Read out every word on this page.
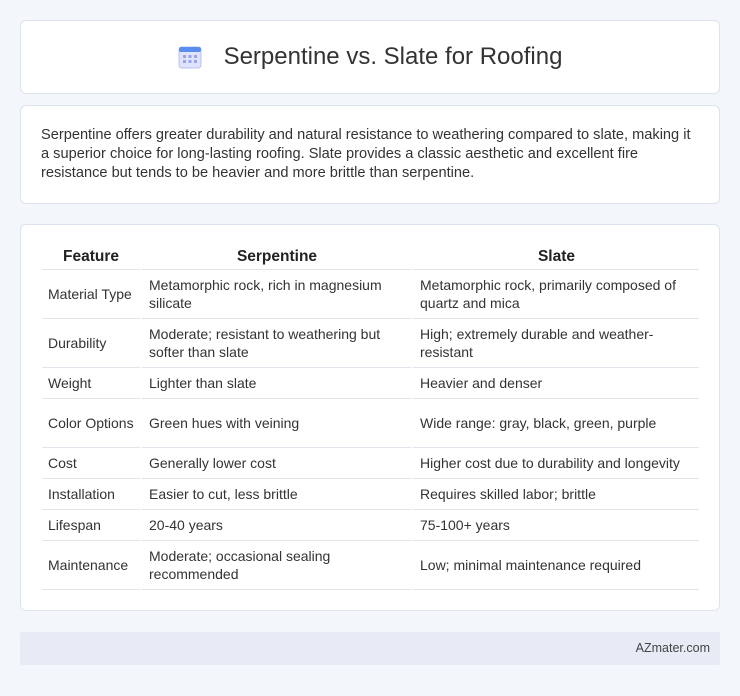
Serpentine vs. Slate for Roofing

Serpentine offers greater durability and natural resistance to weathering compared to slate, making it a superior choice for long-lasting roofing. Slate provides a classic aesthetic and excellent fire resistance but tends to be heavier and more brittle than serpentine.

Feature	Serpentine	Slate
Material Type	Metamorphic rock, rich in magnesium silicate	Metamorphic rock, primarily composed of quartz and mica
Durability	Moderate; resistant to weathering but softer than slate	High; extremely durable and weather-resistant
Weight	Lighter than slate	Heavier and denser
Color Options	Green hues with veining	Wide range: gray, black, green, purple
Cost	Generally lower cost	Higher cost due to durability and longevity
Installation	Easier to cut, less brittle	Requires skilled labor; brittle
Lifespan	20-40 years	75-100+ years
Maintenance	Moderate; occasional sealing recommended	Low; minimal maintenance required
AZmater.com
